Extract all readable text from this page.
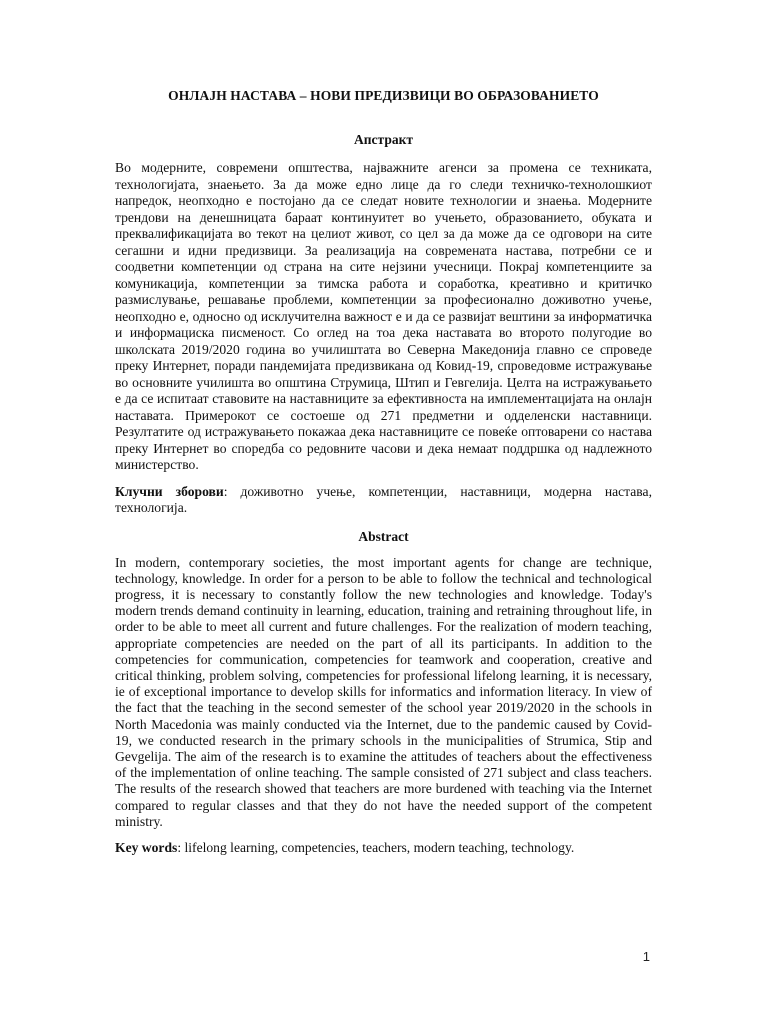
ОНЛАЈН НАСТАВА – НОВИ ПРЕДИЗВИЦИ ВО ОБРАЗОВАНИЕТО
Апстракт

Во модерните, современи општества, најважните агенси за промена се техниката, технологијата, знаењето. За да може едно лице да го следи техничко-технолошкиот напредок, неопходно е постојано да се следат новите технологии и знаења. Модерните трендови на денешницата бараат континуитет во учењето, образованието, обуката и преквалификацијата во текот на целиот живот, со цел за да може да се одговори на сите сегашни и идни предизвици. За реализација на современата настава, потребни се и соодветни компетенции од страна на сите нејзини учесници. Покрај компетенциите за комуникација, компетенции за тимска работа и соработка, креативно и критичко размислување, решавање проблеми, компетенции за професионално доживотно учење, неопходно е, односно од исклучителна важност е и да се развијат вештини за информатичка и информациска писменост. Со оглед на тоа дека наставата во второто полугодие во школската 2019/2020 година во училиштата во Северна Македонија главно се спроведе преку Интернет, поради пандемијата предизвикана од Ковид-19, спроведовме истражување во основните училишта во општина Струмица, Штип и Гевгелија. Целта на истражувањето е да се испитаат ставовите на наставниците за ефективноста на имплементацијата на онлајн наставата. Примерокот се состоеше од 271 предметни и одделенски наставници. Резултатите од истражувањето покажаа дека наставниците се повеќе оптоварени со настава преку Интернет во споредба со редовните часови и дека немаат поддршка од надлежното министерство.

Клучни зборови: доживотно учење, компетенции, наставници, модерна настава, технологија.

Abstract

In modern, contemporary societies, the most important agents for change are technique, technology, knowledge. In order for a person to be able to follow the technical and technological progress, it is necessary to constantly follow the new technologies and knowledge. Today's modern trends demand continuity in learning, education, training and retraining throughout life, in order to be able to meet all current and future challenges. For the realization of modern teaching, appropriate competencies are needed on the part of all its participants. In addition to the competencies for communication, competencies for teamwork and cooperation, creative and critical thinking, problem solving, competencies for professional lifelong learning, it is necessary, ie of exceptional importance to develop skills for informatics and information literacy. In view of the fact that the teaching in the second semester of the school year 2019/2020 in the schools in North Macedonia was mainly conducted via the Internet, due to the pandemic caused by Covid-19, we conducted research in the primary schools in the municipalities of Strumica, Stip and Gevgelija. The aim of the research is to examine the attitudes of teachers about the effectiveness of the implementation of online teaching. The sample consisted of 271 subject and class teachers. The results of the research showed that teachers are more burdened with teaching via the Internet compared to regular classes and that they do not have the needed support of the competent ministry.

Key words: lifelong learning, competencies, teachers, modern teaching, technology.

1
